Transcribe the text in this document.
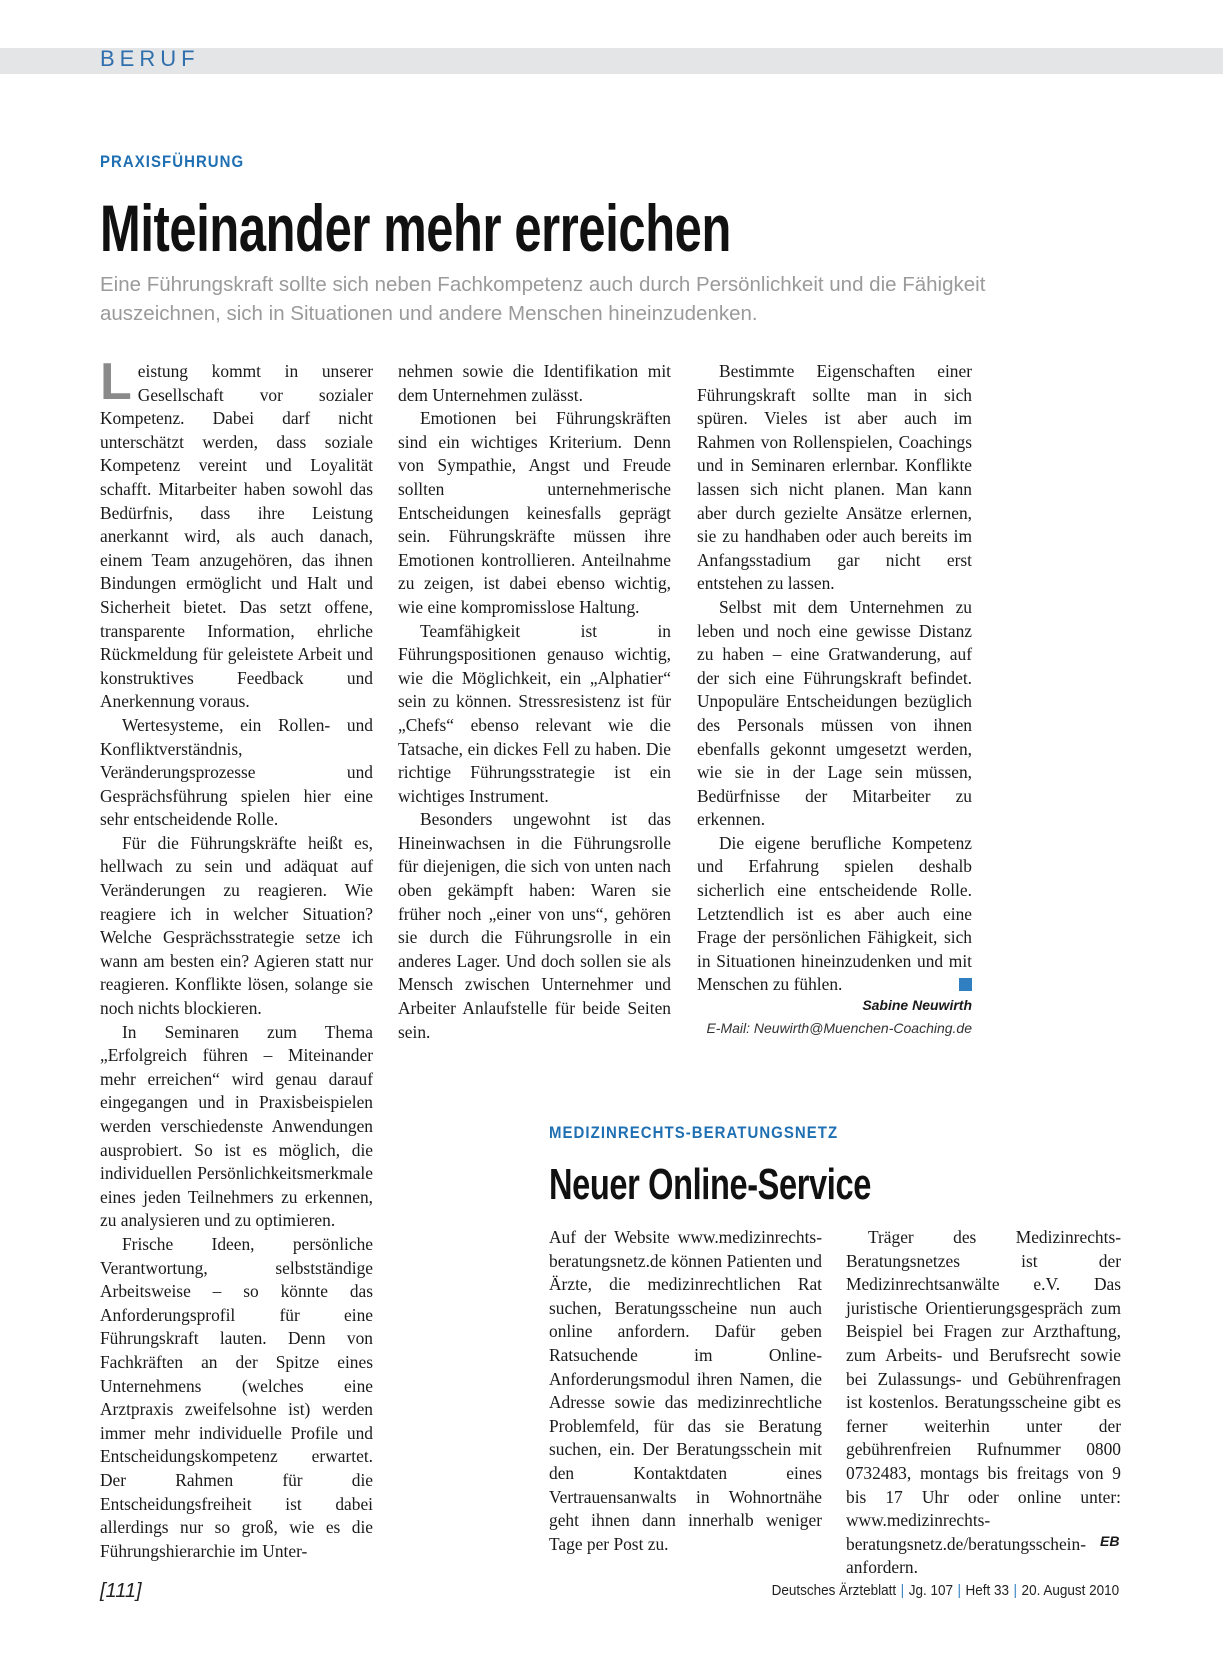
BERUF
PRAXISFÜHRUNG
Miteinander mehr erreichen

Eine Führungskraft sollte sich neben Fachkompetenz auch durch Persönlichkeit und die Fähigkeit auszeichnen, sich in Situationen und andere Menschen hineinzudenken.

Leistung kommt in unserer Gesellschaft vor sozialer Kompetenz. Dabei darf nicht unterschätzt werden, dass soziale Kompetenz vereint und Loyalität schafft. Mitarbeiter haben sowohl das Bedürfnis, dass ihre Leistung anerkannt wird, als auch danach, einem Team anzugehören, das ihnen Bindungen ermöglicht und Halt und Sicherheit bietet. Das setzt offene, transparente Information, ehrliche Rückmeldung für geleistete Arbeit und konstruktives Feedback und Anerkennung voraus.

Wertesysteme, ein Rollen- und Konfliktverständnis, Veränderungsprozesse und Gesprächsführung spielen hier eine sehr entscheidende Rolle.

Für die Führungskräfte heißt es, hellwach zu sein und adäquat auf Veränderungen zu reagieren. Wie reagiere ich in welcher Situation? Welche Gesprächsstrategie setze ich wann am besten ein? Agieren statt nur reagieren. Konflikte lösen, solange sie noch nichts blockieren.

In Seminaren zum Thema „Erfolgreich führen – Miteinander mehr erreichen“ wird genau darauf eingegangen und in Praxisbeispielen werden verschiedenste Anwendungen ausprobiert. So ist es möglich, die individuellen Persönlichkeitsmerkmale eines jeden Teilnehmers zu erkennen, zu analysieren und zu optimieren.

Frische Ideen, persönliche Verantwortung, selbstständige Arbeitsweise – so könnte das Anforderungsprofil für eine Führungskraft lauten. Denn von Fachkräften an der Spitze eines Unternehmens (welches eine Arztpraxis zweifelsohne ist) werden immer mehr individuelle Profile und Entscheidungskompetenz erwartet. Der Rahmen für die Entscheidungsfreiheit ist dabei allerdings nur so groß, wie es die Führungshierarchie im Unter-

nehmen sowie die Identifikation mit dem Unternehmen zulässt.

Emotionen bei Führungskräften sind ein wichtiges Kriterium. Denn von Sympathie, Angst und Freude sollten unternehmerische Entscheidungen keinesfalls geprägt sein. Führungskräfte müssen ihre Emotionen kontrollieren. Anteilnahme zu zeigen, ist dabei ebenso wichtig, wie eine kompromisslose Haltung.

Teamfähigkeit ist in Führungspositionen genauso wichtig, wie die Möglichkeit, ein „Alphatier“ sein zu können. Stressresistenz ist für „Chefs“ ebenso relevant wie die Tatsache, ein dickes Fell zu haben. Die richtige Führungsstrategie ist ein wichtiges Instrument.

Besonders ungewohnt ist das Hineinwachsen in die Führungsrolle für diejenigen, die sich von unten nach oben gekämpft haben: Waren sie früher noch „einer von uns“, gehören sie durch die Führungsrolle in ein anderes Lager. Und doch sollen sie als Mensch zwischen Unternehmer und Arbeiter Anlaufstelle für beide Seiten sein.

Bestimmte Eigenschaften einer Führungskraft sollte man in sich spüren. Vieles ist aber auch im Rahmen von Rollenspielen, Coachings und in Seminaren erlernbar. Konflikte lassen sich nicht planen. Man kann aber durch gezielte Ansätze erlernen, sie zu handhaben oder auch bereits im Anfangsstadium gar nicht erst entstehen zu lassen.

Selbst mit dem Unternehmen zu leben und noch eine gewisse Distanz zu haben – eine Gratwanderung, auf der sich eine Führungskraft befindet. Unpopuläre Entscheidungen bezüglich des Personals müssen von ihnen ebenfalls gekonnt umgesetzt werden, wie sie in der Lage sein müssen, Bedürfnisse der Mitarbeiter zu erkennen.

Die eigene berufliche Kompetenz und Erfahrung spielen deshalb sicherlich eine entscheidende Rolle. Letztendlich ist es aber auch eine Frage der persönlichen Fähigkeit, sich in Situationen hineinzudenken und mit Menschen zu fühlen.

Sabine Neuwirth
E-Mail: Neuwirth@Muenchen-Coaching.de
MEDIZINRECHTS-BERATUNGSNETZ
Neuer Online-Service

Auf der Website www.medizinrechts-beratungsnetz.de können Patienten und Ärzte, die medizinrechtlichen Rat suchen, Beratungsscheine nun auch online anfordern. Dafür geben Ratsuchende im Online-Anforderungsmodul ihren Namen, die Adresse sowie das medizinrechtliche Problemfeld, für das sie Beratung suchen, ein. Der Beratungsschein mit den Kontaktdaten eines Vertrauensanwalts in Wohnortnähe geht ihnen dann innerhalb weniger Tage per Post zu.

Träger des Medizinrechts-Beratungsnetzes ist der Medizinrechtsanwälte e.V. Das juristische Orientierungsgespräch zum Beispiel bei Fragen zur Arzthaftung, zum Arbeits- und Berufsrecht sowie bei Zulassungs- und Gebührenfragen ist kostenlos. Beratungsscheine gibt es ferner weiterhin unter der gebührenfreien Rufnummer 0800 0732483, montags bis freitags von 9 bis 17 Uhr oder online unter: www.medizinrechts-beratungsnetz.de/beratungsschein-anfordern.

EB
[111]	Deutsches Ärzteblatt | Jg. 107 | Heft 33 | 20. August 2010
